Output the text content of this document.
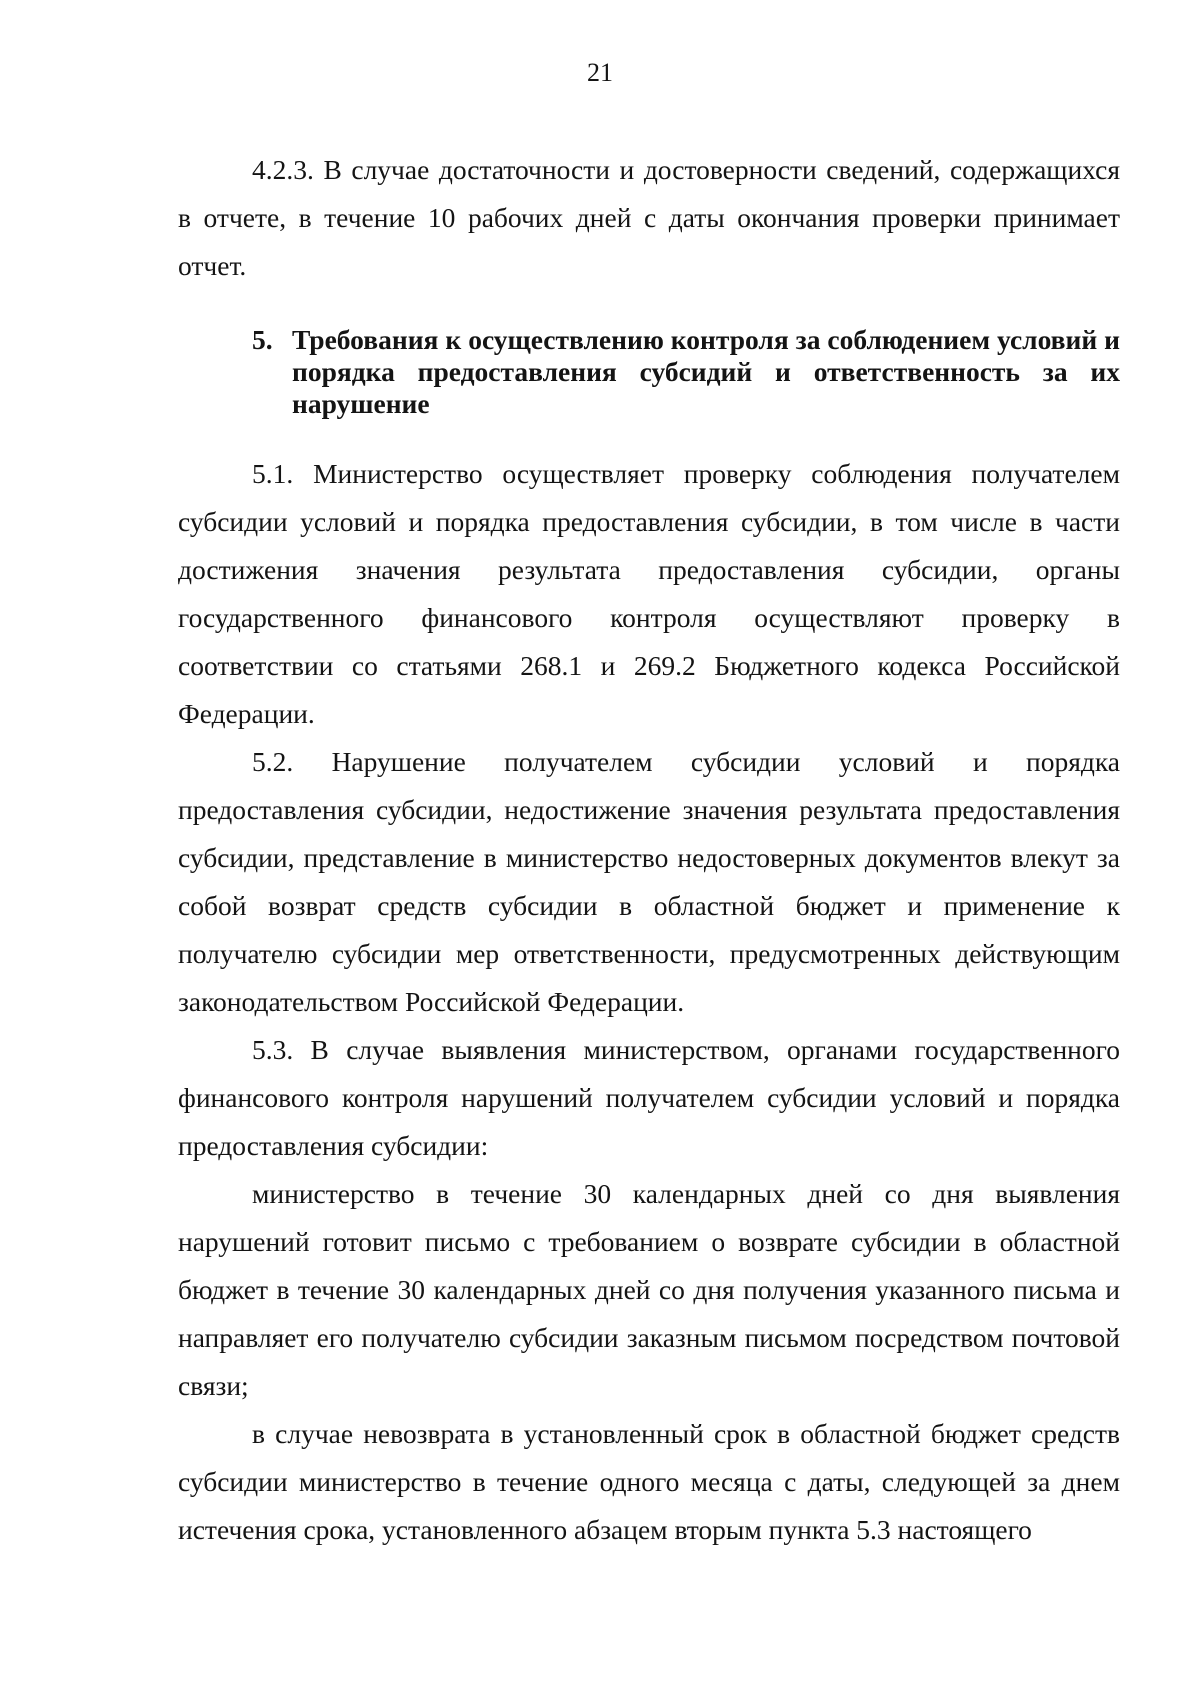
21

4.2.3. В случае достаточности и достоверности сведений, содержащихся в отчете, в течение 10 рабочих дней с даты окончания проверки принимает отчет.

5. Требования к осуществлению контроля за соблюдением условий и порядка предоставления субсидий и ответственность за их нарушение

5.1. Министерство осуществляет проверку соблюдения получателем субсидии условий и порядка предоставления субсидии, в том числе в части достижения значения результата предоставления субсидии, органы государственного финансового контроля осуществляют проверку в соответствии со статьями 268.1 и 269.2 Бюджетного кодекса Российской Федерации.

5.2. Нарушение получателем субсидии условий и порядка предоставления субсидии, недостижение значения результата предоставления субсидии, представление в министерство недостоверных документов влекут за собой возврат средств субсидии в областной бюджет и применение к получателю субсидии мер ответственности, предусмотренных действующим законодательством Российской Федерации.

5.3. В случае выявления министерством, органами государственного финансового контроля нарушений получателем субсидии условий и порядка предоставления субсидии:

министерство в течение 30 календарных дней со дня выявления нарушений готовит письмо с требованием о возврате субсидии в областной бюджет в течение 30 календарных дней со дня получения указанного письма и направляет его получателю субсидии заказным письмом посредством почтовой связи;

в случае невозврата в установленный срок в областной бюджет средств субсидии министерство в течение одного месяца с даты, следующей за днем истечения срока, установленного абзацем вторым пункта 5.3 настоящего
